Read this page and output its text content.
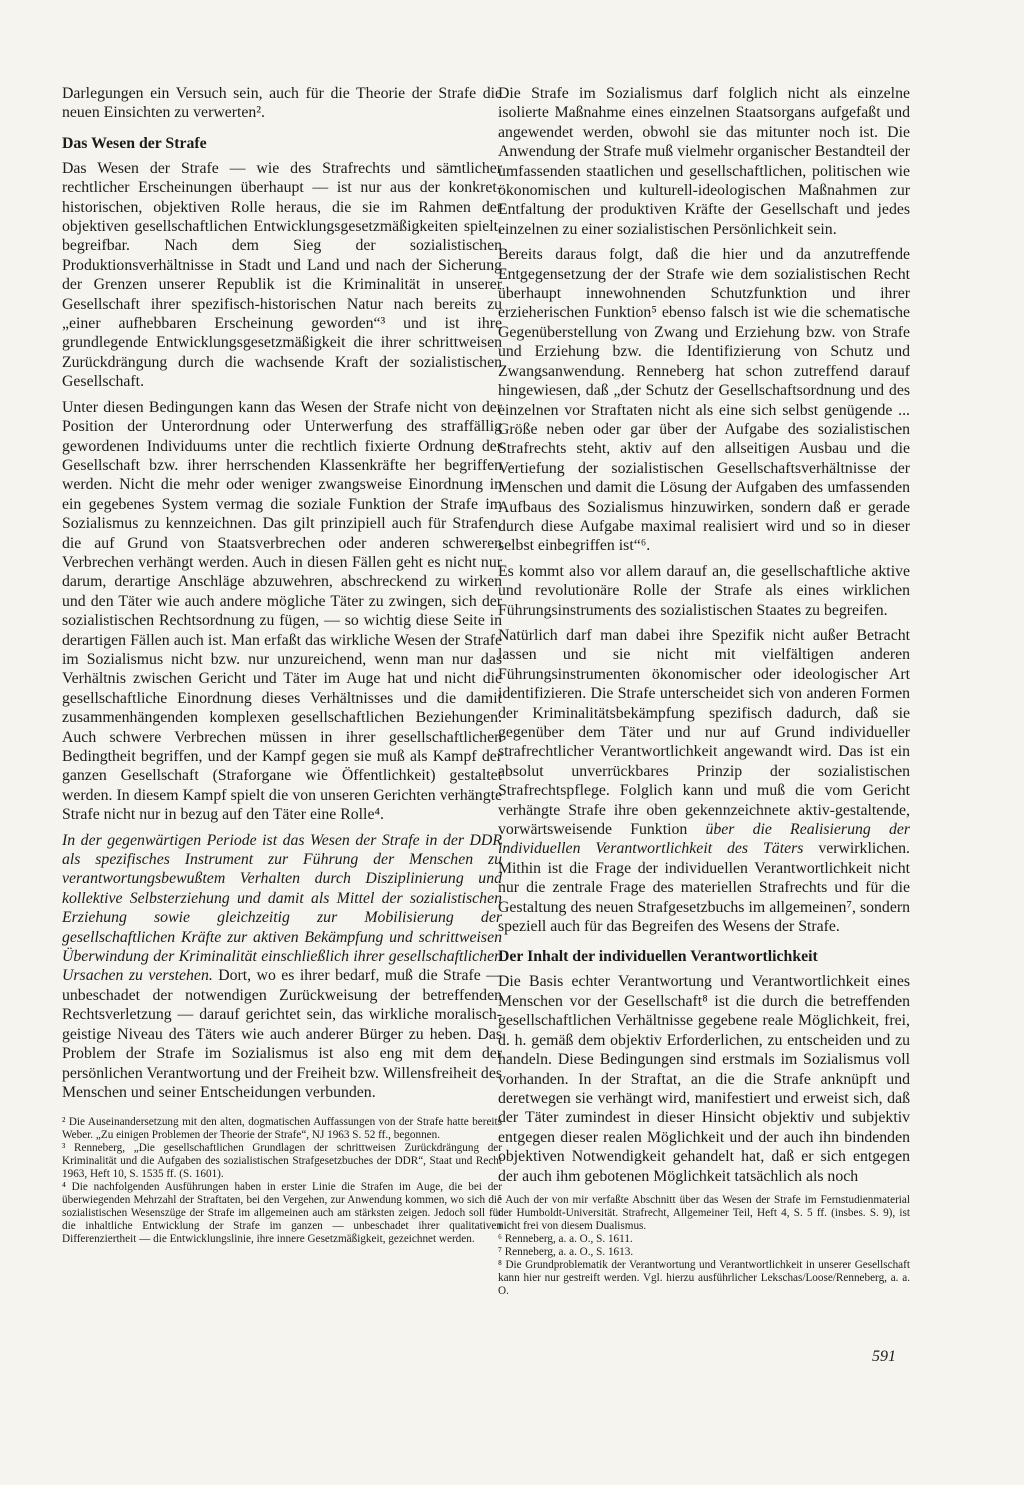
Darlegungen ein Versuch sein, auch für die Theorie der Strafe die neuen Einsichten zu verwerten².

Das Wesen der Strafe

Das Wesen der Strafe — wie des Strafrechts und sämtlicher rechtlicher Erscheinungen überhaupt — ist nur aus der konkret-historischen, objektiven Rolle heraus, die sie im Rahmen der objektiven gesellschaftlichen Entwicklungsgesetzmäßigkeiten spielt, begreifbar. Nach dem Sieg der sozialistischen Produktionsverhältnisse in Stadt und Land und nach der Sicherung der Grenzen unserer Republik ist die Kriminalität in unserer Gesellschaft ihrer spezifisch-historischen Natur nach bereits zu „einer aufhebbaren Erscheinung geworden“³ und ist ihre grundlegende Entwicklungsgesetzmäßigkeit die ihrer schrittweisen Zurückdrängung durch die wachsende Kraft der sozialistischen Gesellschaft.

Unter diesen Bedingungen kann das Wesen der Strafe nicht von der Position der Unterordnung oder Unterwerfung des straffällig gewordenen Individuums unter die rechtlich fixierte Ordnung der Gesellschaft bzw. ihrer herrschenden Klassenkräfte her begriffen werden. Nicht die mehr oder weniger zwangsweise Einordnung in ein gegebenes System vermag die soziale Funktion der Strafe im Sozialismus zu kennzeichnen. Das gilt prinzipiell auch für Strafen, die auf Grund von Staatsverbrechen oder anderen schweren Verbrechen verhängt werden. Auch in diesen Fällen geht es nicht nur darum, derartige Anschläge abzuwehren, abschreckend zu wirken und den Täter wie auch andere mögliche Täter zu zwingen, sich der sozialistischen Rechtsordnung zu fügen, — so wichtig diese Seite in derartigen Fällen auch ist. Man erfaßt das wirkliche Wesen der Strafe im Sozialismus nicht bzw. nur unzureichend, wenn man nur das Verhältnis zwischen Gericht und Täter im Auge hat und nicht die gesellschaftliche Einordnung dieses Verhältnisses und die damit zusammenhängenden komplexen gesellschaftlichen Beziehungen. Auch schwere Verbrechen müssen in ihrer gesellschaftlichen Bedingtheit begriffen, und der Kampf gegen sie muß als Kampf der ganzen Gesellschaft (Straforgane wie Öffentlichkeit) gestaltet werden. In diesem Kampf spielt die von unseren Gerichten verhängte Strafe nicht nur in bezug auf den Täter eine Rolle⁴.

In der gegenwärtigen Periode ist das Wesen der Strafe in der DDR als spezifisches Instrument zur Führung der Menschen zu verantwortungsbewußtem Verhalten durch Disziplinierung und kollektive Selbsterziehung und damit als Mittel der sozialistischen Erziehung sowie gleichzeitig zur Mobilisierung der gesellschaftlichen Kräfte zur aktiven Bekämpfung und schrittweisen Überwindung der Kriminalität einschließlich ihrer gesellschaftlichen Ursachen zu verstehen. Dort, wo es ihrer bedarf, muß die Strafe — unbeschadet der notwendigen Zurückweisung der betreffenden Rechtsverletzung — darauf gerichtet sein, das wirkliche moralisch-geistige Niveau des Täters wie auch anderer Bürger zu heben. Das Problem der Strafe im Sozialismus ist also eng mit dem der persönlichen Verantwortung und der Freiheit bzw. Willensfreiheit des Menschen und seiner Entscheidungen verbunden.

² Die Auseinandersetzung mit den alten, dogmatischen Auffassungen von der Strafe hatte bereits Weber. „Zu einigen Problemen der Theorie der Strafe“, NJ 1963 S. 52 ff., begonnen.

³ Renneberg, „Die gesellschaftlichen Grundlagen der schrittweisen Zurückdrängung der Kriminalität und die Aufgaben des sozialistischen Strafgesetzbuches der DDR“, Staat und Recht 1963, Heft 10, S. 1535 ff. (S. 1601).

⁴ Die nachfolgenden Ausführungen haben in erster Linie die Strafen im Auge, die bei der überwiegenden Mehrzahl der Straftaten, bei den Vergehen, zur Anwendung kommen, wo sich die sozialistischen Wesenszüge der Strafe im allgemeinen auch am stärksten zeigen. Jedoch soll für die inhaltliche Entwicklung der Strafe im ganzen — unbeschadet ihrer qualitativen Differenziertheit — die Entwicklungslinie, ihre innere Gesetzmäßigkeit, gezeichnet werden.

Die Strafe im Sozialismus darf folglich nicht als einzelne isolierte Maßnahme eines einzelnen Staatsorgans aufgefaßt und angewendet werden, obwohl sie das mitunter noch ist. Die Anwendung der Strafe muß vielmehr organischer Bestandteil der umfassenden staatlichen und gesellschaftlichen, politischen wie ökonomischen und kulturell-ideologischen Maßnahmen zur Entfaltung der produktiven Kräfte der Gesellschaft und jedes einzelnen zu einer sozialistischen Persönlichkeit sein.

Bereits daraus folgt, daß die hier und da anzutreffende Entgegensetzung der der Strafe wie dem sozialistischen Recht überhaupt innewohnenden Schutzfunktion und ihrer erzieherischen Funktion⁵ ebenso falsch ist wie die schematische Gegenüberstellung von Zwang und Erziehung bzw. von Strafe und Erziehung bzw. die Identifizierung von Schutz und Zwangsanwendung. Renneberg hat schon zutreffend darauf hingewiesen, daß „der Schutz der Gesellschaftsordnung und des einzelnen vor Straftaten nicht als eine sich selbst genügende ... Größe neben oder gar über der Aufgabe des sozialistischen Strafrechts steht, aktiv auf den allseitigen Ausbau und die Vertiefung der sozialistischen Gesellschaftsverhältnisse der Menschen und damit die Lösung der Aufgaben des umfassenden Aufbaus des Sozialismus hinzuwirken, sondern daß er gerade durch diese Aufgabe maximal realisiert wird und so in dieser selbst einbegriffen ist“⁶.

Es kommt also vor allem darauf an, die gesellschaftliche aktive und revolutionäre Rolle der Strafe als eines wirklichen Führungsinstruments des sozialistischen Staates zu begreifen.

Natürlich darf man dabei ihre Spezifik nicht außer Betracht lassen und sie nicht mit vielfältigen anderen Führungsinstrumenten ökonomischer oder ideologischer Art identifizieren. Die Strafe unterscheidet sich von anderen Formen der Kriminalitätsbekämpfung spezifisch dadurch, daß sie gegenüber dem Täter und nur auf Grund individueller strafrechtlicher Verantwortlichkeit angewandt wird. Das ist ein absolut unverrückbares Prinzip der sozialistischen Strafrechtspflege. Folglich kann und muß die vom Gericht verhängte Strafe ihre oben gekennzeichnete aktiv-gestaltende, vorwärtsweisende Funktion über die Realisierung der individuellen Verantwortlichkeit des Täters verwirklichen. Mithin ist die Frage der individuellen Verantwortlichkeit nicht nur die zentrale Frage des materiellen Strafrechts und für die Gestaltung des neuen Strafgesetzbuchs im allgemeinen⁷, sondern speziell auch für das Begreifen des Wesens der Strafe.

Der Inhalt der individuellen Verantwortlichkeit

Die Basis echter Verantwortung und Verantwortlichkeit eines Menschen vor der Gesellschaft⁸ ist die durch die betreffenden gesellschaftlichen Verhältnisse gegebene reale Möglichkeit, frei, d. h. gemäß dem objektiv Erforderlichen, zu entscheiden und zu handeln. Diese Bedingungen sind erstmals im Sozialismus voll vorhanden. In der Straftat, an die die Strafe anknüpft und deretwegen sie verhängt wird, manifestiert und erweist sich, daß der Täter zumindest in dieser Hinsicht objektiv und subjektiv entgegen dieser realen Möglichkeit und der auch ihn bindenden objektiven Notwendigkeit gehandelt hat, daß er sich entgegen der auch ihm gebotenen Möglichkeit tatsächlich als noch

⁵ Auch der von mir verfaßte Abschnitt über das Wesen der Strafe im Fernstudienmaterial der Humboldt-Universität. Strafrecht, Allgemeiner Teil, Heft 4, S. 5 ff. (insbes. S. 9), ist nicht frei von diesem Dualismus.

⁶ Renneberg, a. a. O., S. 1611.

⁷ Renneberg, a. a. O., S. 1613.

⁸ Die Grundproblematik der Verantwortung und Verantwortlichkeit in unserer Gesellschaft kann hier nur gestreift werden. Vgl. hierzu ausführlicher Lekschas/Loose/Renneberg, a. a. O.

591
